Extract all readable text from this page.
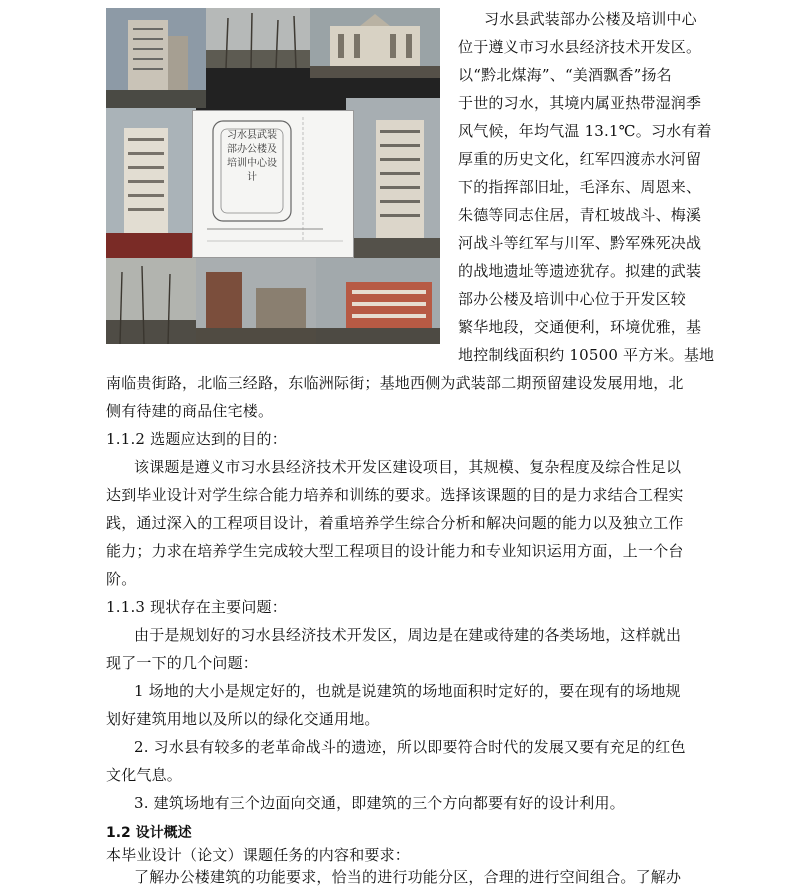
习水县武装部办公楼及培训中心设计
习水县武装部办公楼及培训中心
位于遵义市习水县经济技术开发区。
以“黔北煤海”、“美酒飘香”扬名
于世的习水，其境内属亚热带湿润季
风气候，年均气温 13.1℃。习水有着
厚重的历史文化，红军四渡赤水河留
下的指挥部旧址，毛泽东、周恩来、
朱德等同志住居，青杠坡战斗、梅溪
河战斗等红军与川军、黔军殊死决战
的战地遗址等遗迹犹存。拟建的武装
部办公楼及培训中心位于开发区较
繁华地段，交通便利，环境优雅，基
地控制线面积约 10500 平方米。基地
南临贵街路，北临三经路，东临洲际街；基地西侧为武装部二期预留建设发展用地，北
侧有待建的商品住宅楼。
1.1.2 选题应达到的目的：
该课题是遵义市习水县经济技术开发区建设项目，其规模、复杂程度及综合性足以
达到毕业设计对学生综合能力培养和训练的要求。选择该课题的目的是力求结合工程实
践，通过深入的工程项目设计，着重培养学生综合分析和解决问题的能力以及独立工作
能力；力求在培养学生完成较大型工程项目的设计能力和专业知识运用方面，上一个台
阶。
1.1.3 现状存在主要问题：
由于是规划好的习水县经济技术开发区，周边是在建或待建的各类场地，这样就出
现了一下的几个问题：
1 场地的大小是规定好的，也就是说建筑的场地面积时定好的，要在现有的场地规
划好建筑用地以及所以的绿化交通用地。
2. 习水县有较多的老革命战斗的遗迹，所以即要符合时代的发展又要有充足的红色
文化气息。
3. 建筑场地有三个边面向交通，即建筑的三个方向都要有好的设计利用。
1.2 设计概述
本毕业设计（论文）课题任务的内容和要求：
了解办公楼建筑的功能要求，恰当的进行功能分区，合理的进行空间组合。了解办
